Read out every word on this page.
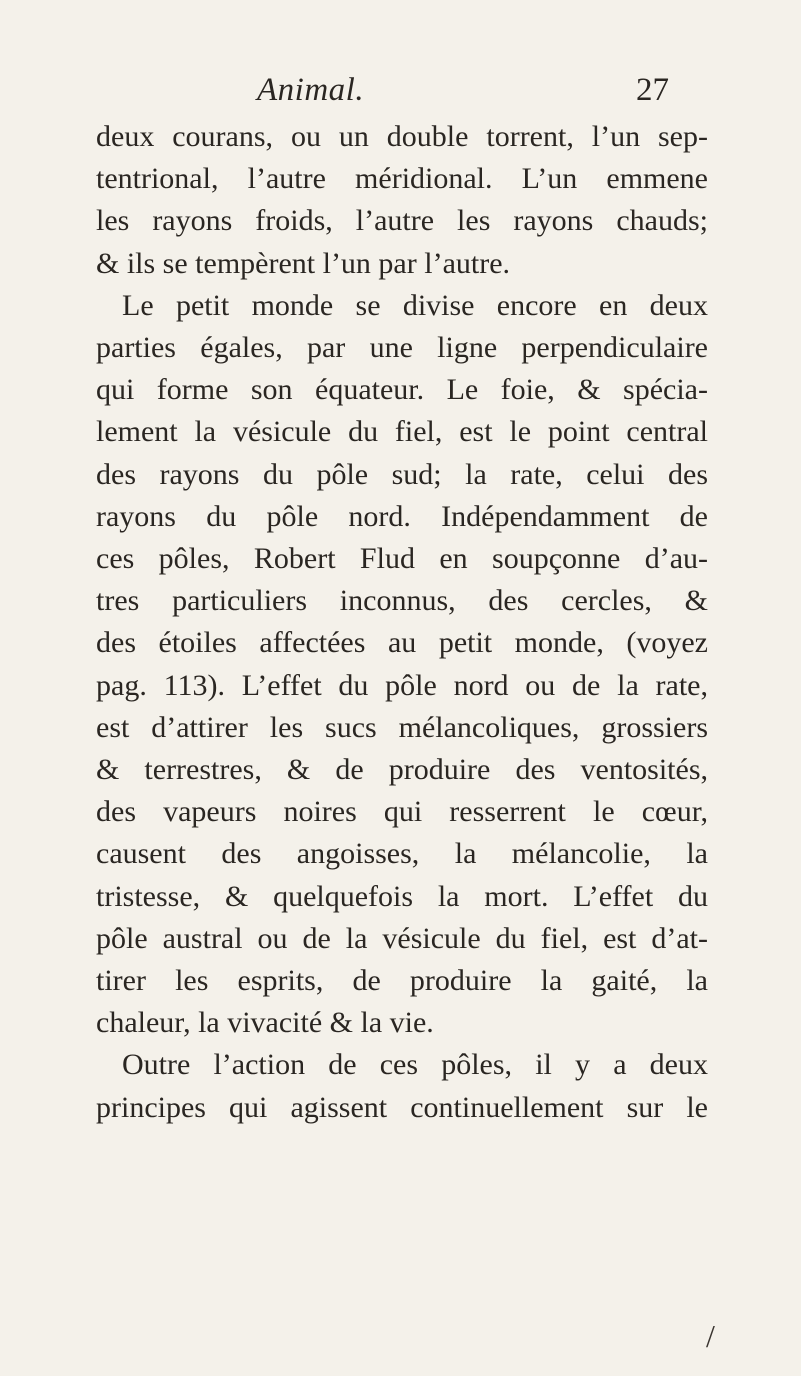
Animal.	27
deux courans, ou un double torrent, l’un sep-
tentrional, l’autre méridional. L’un emmene
les rayons froids, l’autre les rayons chauds;
& ils se tempèrent l’un par l’autre.
Le petit monde se divise encore en deux
parties égales, par une ligne perpendiculaire
qui forme son équateur. Le foie, & spécia-
lement la vésicule du fiel, est le point central
des rayons du pôle sud; la rate, celui des
rayons du pôle nord. Indépendamment de
ces pôles, Robert Flud en soupçonne d’au-
tres particuliers inconnus, des cercles, &
des étoiles affectées au petit monde, (voyez
pag. 113). L’effet du pôle nord ou de la rate,
est d’attirer les sucs mélancoliques, grossiers
& terrestres, & de produire des ventosités,
des vapeurs noires qui resserrent le cœur,
causent des angoisses, la mélancolie, la
tristesse, & quelquefois la mort. L’effet du
pôle austral ou de la vésicule du fiel, est d’at-
tirer les esprits, de produire la gaité, la
chaleur, la vivacité & la vie.
Outre l’action de ces pôles, il y a deux
principes qui agissent continuellement sur le
/
